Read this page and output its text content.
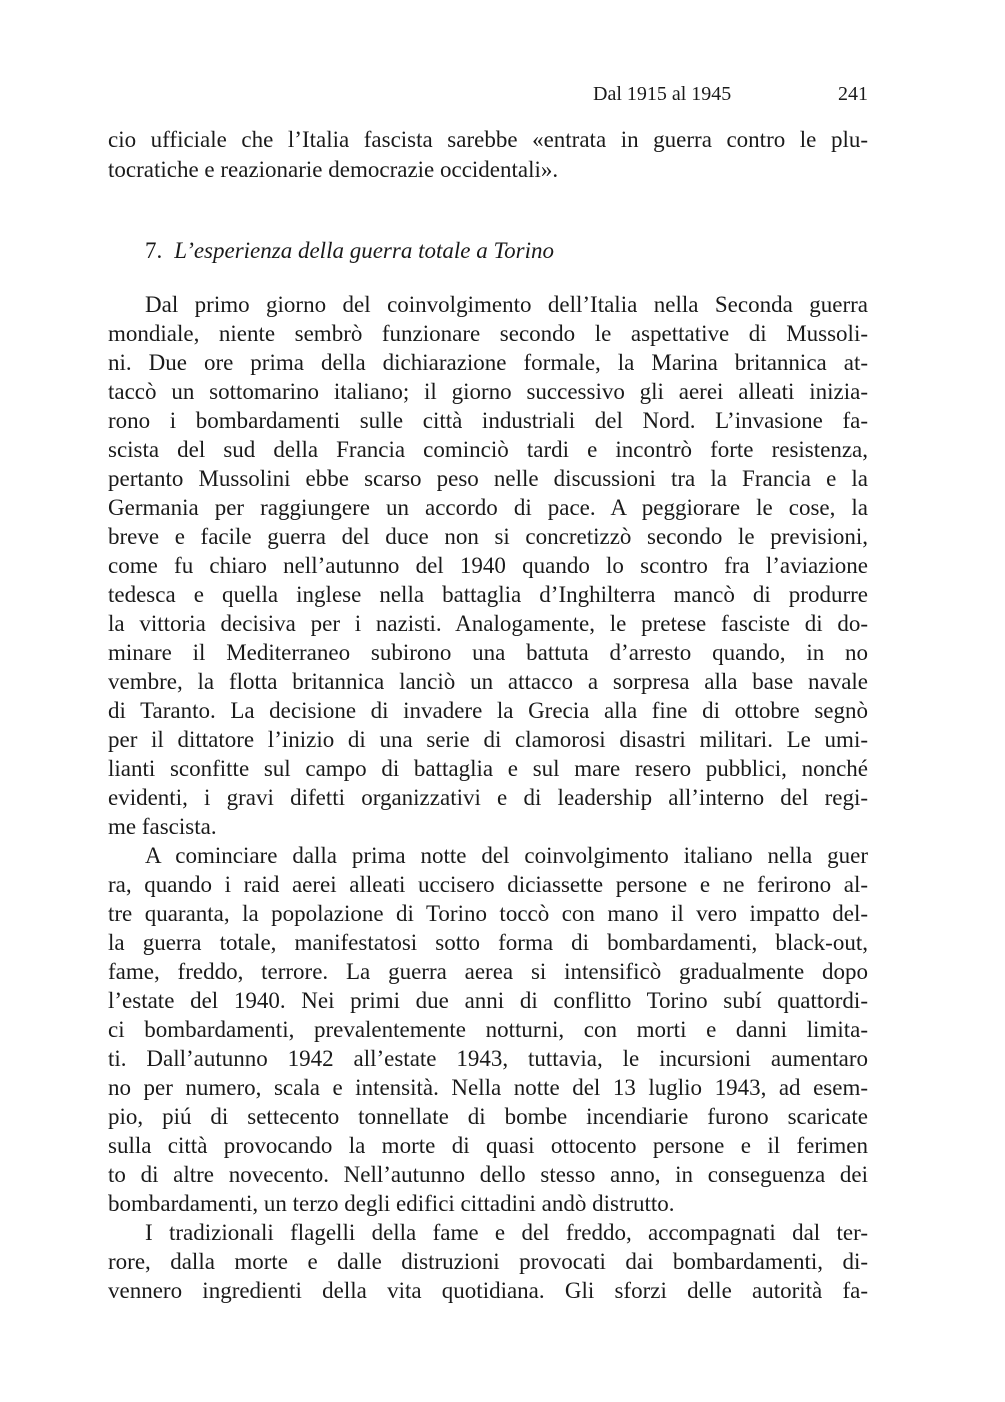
Dal 1915 al 1945	241
cio ufficiale che l’Italia fascista sarebbe «entrata in guerra contro le plu-
tocratiche e reazionarie democrazie occidentali».
7. L’esperienza della guerra totale a Torino
Dal primo giorno del coinvolgimento dell’Italia nella Seconda guerra
mondiale, niente sembrò funzionare secondo le aspettative di Mussoli-
ni. Due ore prima della dichiarazione formale, la Marina britannica at-
taccò un sottomarino italiano; il giorno successivo gli aerei alleati inizia-
rono i bombardamenti sulle città industriali del Nord. L’invasione fa-
scista del sud della Francia cominciò tardi e incontrò forte resistenza,
pertanto Mussolini ebbe scarso peso nelle discussioni tra la Francia e la
Germania per raggiungere un accordo di pace. A peggiorare le cose, la
breve e facile guerra del duce non si concretizzò secondo le previsioni,
come fu chiaro nell’autunno del 1940 quando lo scontro fra l’aviazione
tedesca e quella inglese nella battaglia d’Inghilterra mancò di produrre
la vittoria decisiva per i nazisti. Analogamente, le pretese fasciste di do-
minare il Mediterraneo subirono una battuta d’arresto quando, in no
vembre, la flotta britannica lanciò un attacco a sorpresa alla base navale
di Taranto. La decisione di invadere la Grecia alla fine di ottobre segnò
per il dittatore l’inizio di una serie di clamorosi disastri militari. Le umi-
lianti sconfitte sul campo di battaglia e sul mare resero pubblici, nonché
evidenti, i gravi difetti organizzativi e di leadership all’interno del regi-
me fascista.
A cominciare dalla prima notte del coinvolgimento italiano nella guer
ra, quando i raid aerei alleati uccisero diciassette persone e ne ferirono al-
tre quaranta, la popolazione di Torino toccò con mano il vero impatto del-
la guerra totale, manifestatosi sotto forma di bombardamenti, black-out,
fame, freddo, terrore. La guerra aerea si intensificò gradualmente dopo
l’estate del 1940. Nei primi due anni di conflitto Torino subí quattordi-
ci bombardamenti, prevalentemente notturni, con morti e danni limita-
ti. Dall’autunno 1942 all’estate 1943, tuttavia, le incursioni aumentaro
no per numero, scala e intensità. Nella notte del 13 luglio 1943, ad esem-
pio, piú di settecento tonnellate di bombe incendiarie furono scaricate
sulla città provocando la morte di quasi ottocento persone e il ferimen
to di altre novecento. Nell’autunno dello stesso anno, in conseguenza dei
bombardamenti, un terzo degli edifici cittadini andò distrutto.
I tradizionali flagelli della fame e del freddo, accompagnati dal ter-
rore, dalla morte e dalle distruzioni provocati dai bombardamenti, di-
vennero ingredienti della vita quotidiana. Gli sforzi delle autorità fa-
